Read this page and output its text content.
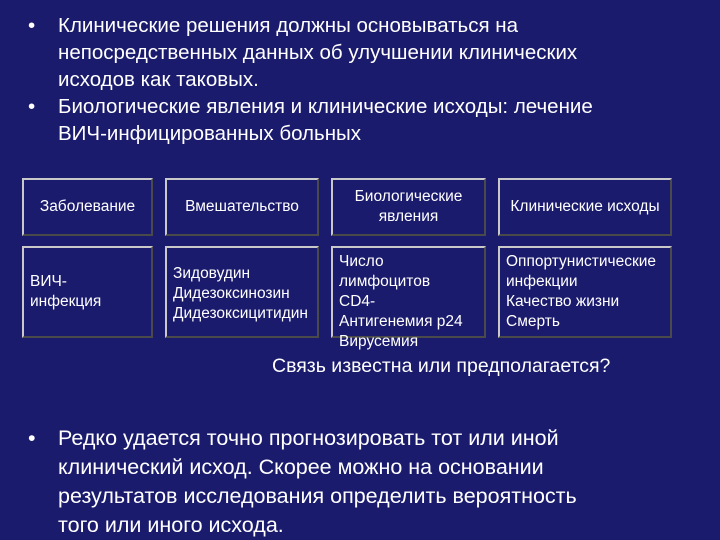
• Клинические решения должны основываться на
непосредственных данных об улучшении клинических
исходов как таковых.
• Биологические явления и клинические исходы: лечение
ВИЧ-инфицированных больных
Заболевание	Вмешательство
Биологические
явления
Клинические исходы
ВИЧ-
инфекция
Зидовудин
Дидезоксинозин
Дидезоксицитидин
Число лимфоцитов
CD4-
Антигенемия p24
Вирусемия
Оппортунистические
инфекции
Качество жизни
Смерть
Связь известна или предполагается?
• Редко удается точно прогнозировать тот или иной
клинический исход. Скорее можно на основании
результатов исследования определить вероятность
того или иного исхода.
